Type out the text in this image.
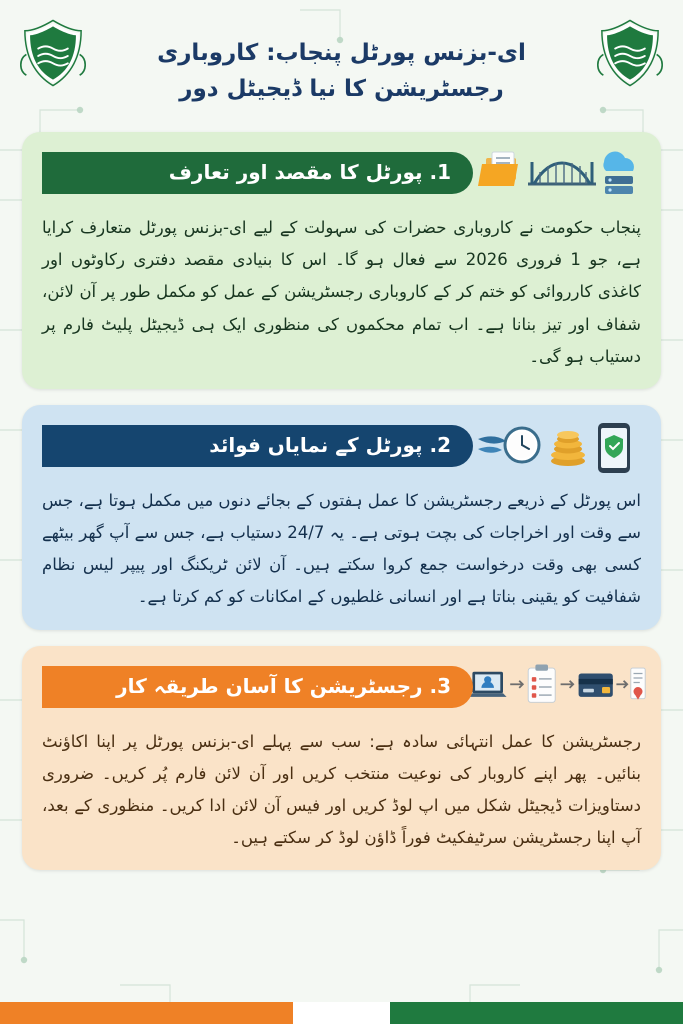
ای-بزنس پورٹل پنجاب: کاروباری
رجسٹریشن کا نیا ڈیجیٹل دور
1. پورٹل کا مقصد اور تعارف

پنجاب حکومت نے کاروباری حضرات کی سہولت کے لیے ای-بزنس پورٹل متعارف کرایا ہے، جو 1 فروری 2026 سے فعال ہو گا۔ اس کا بنیادی مقصد دفتری رکاوٹوں اور کاغذی کارروائی کو ختم کر کے کاروباری رجسٹریشن کے عمل کو مکمل طور پر آن لائن، شفاف اور تیز بنانا ہے۔ اب تمام محکموں کی منظوری ایک ہی ڈیجیٹل پلیٹ فارم پر دستیاب ہو گی۔

2. پورٹل کے نمایاں فوائد

اس پورٹل کے ذریعے رجسٹریشن کا عمل ہفتوں کے بجائے دنوں میں مکمل ہوتا ہے، جس سے وقت اور اخراجات کی بچت ہوتی ہے۔ یہ 24/7 دستیاب ہے، جس سے آپ گھر بیٹھے کسی بھی وقت درخواست جمع کروا سکتے ہیں۔ آن لائن ٹریکنگ اور پیپر لیس نظام شفافیت کو یقینی بناتا ہے اور انسانی غلطیوں کے امکانات کو کم کرتا ہے۔

3. رجسٹریشن کا آسان طریقہ کار

رجسٹریشن کا عمل انتہائی سادہ ہے: سب سے پہلے ای-بزنس پورٹل پر اپنا اکاؤنٹ بنائیں۔ پھر اپنے کاروبار کی نوعیت منتخب کریں اور آن لائن فارم پُر کریں۔ ضروری دستاویزات ڈیجیٹل شکل میں اپ لوڈ کریں اور فیس آن لائن ادا کریں۔ منظوری کے بعد، آپ اپنا رجسٹریشن سرٹیفکیٹ فوراً ڈاؤن لوڈ کر سکتے ہیں۔
